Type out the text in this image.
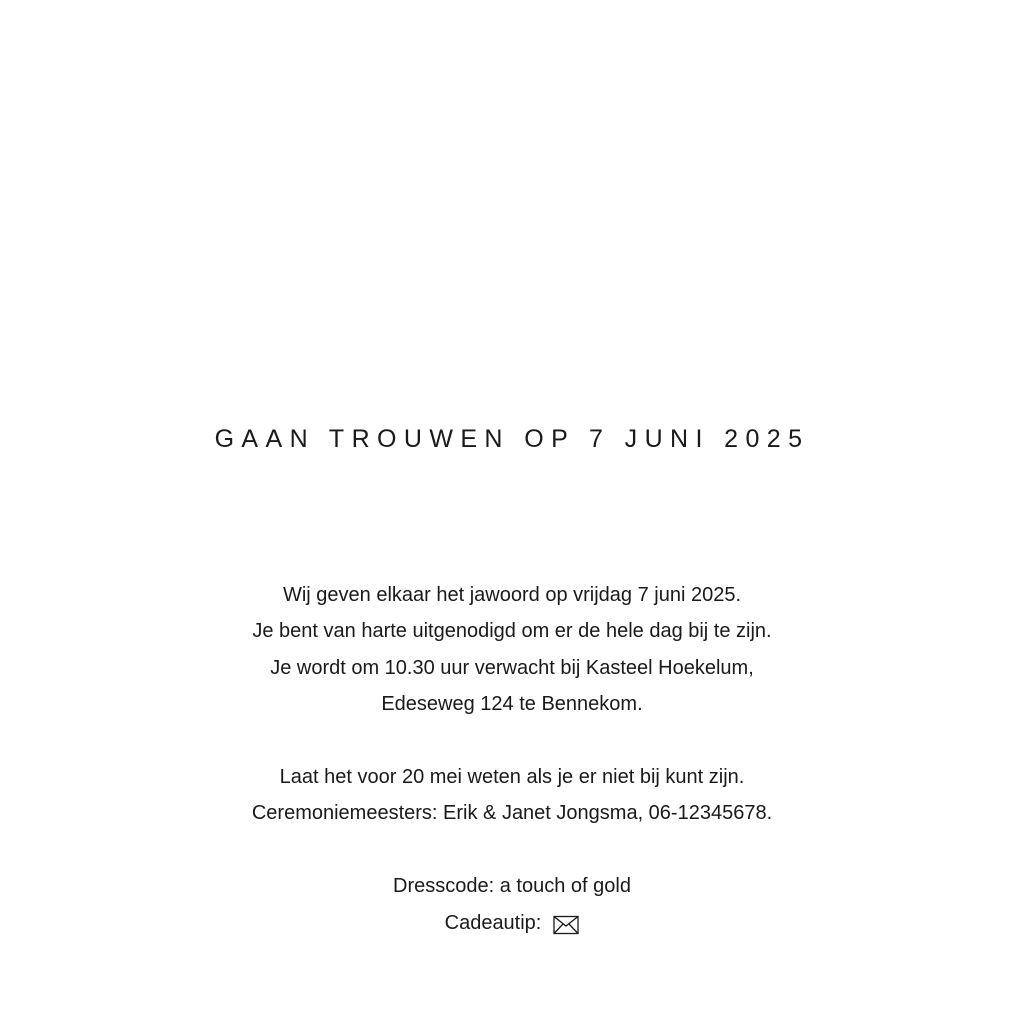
GAAN TROUWEN OP 7 JUNI 2025
Wij geven elkaar het jawoord op vrijdag 7 juni 2025.
Je bent van harte uitgenodigd om er de hele dag bij te zijn.
Je wordt om 10.30 uur verwacht bij Kasteel Hoekelum,
Edeseweg 124 te Bennekom.
Laat het voor 20 mei weten als je er niet bij kunt zijn.
Ceremoniemeesters: Erik & Janet Jongsma, 06-12345678.
Dresscode: a touch of gold
Cadeautip:
